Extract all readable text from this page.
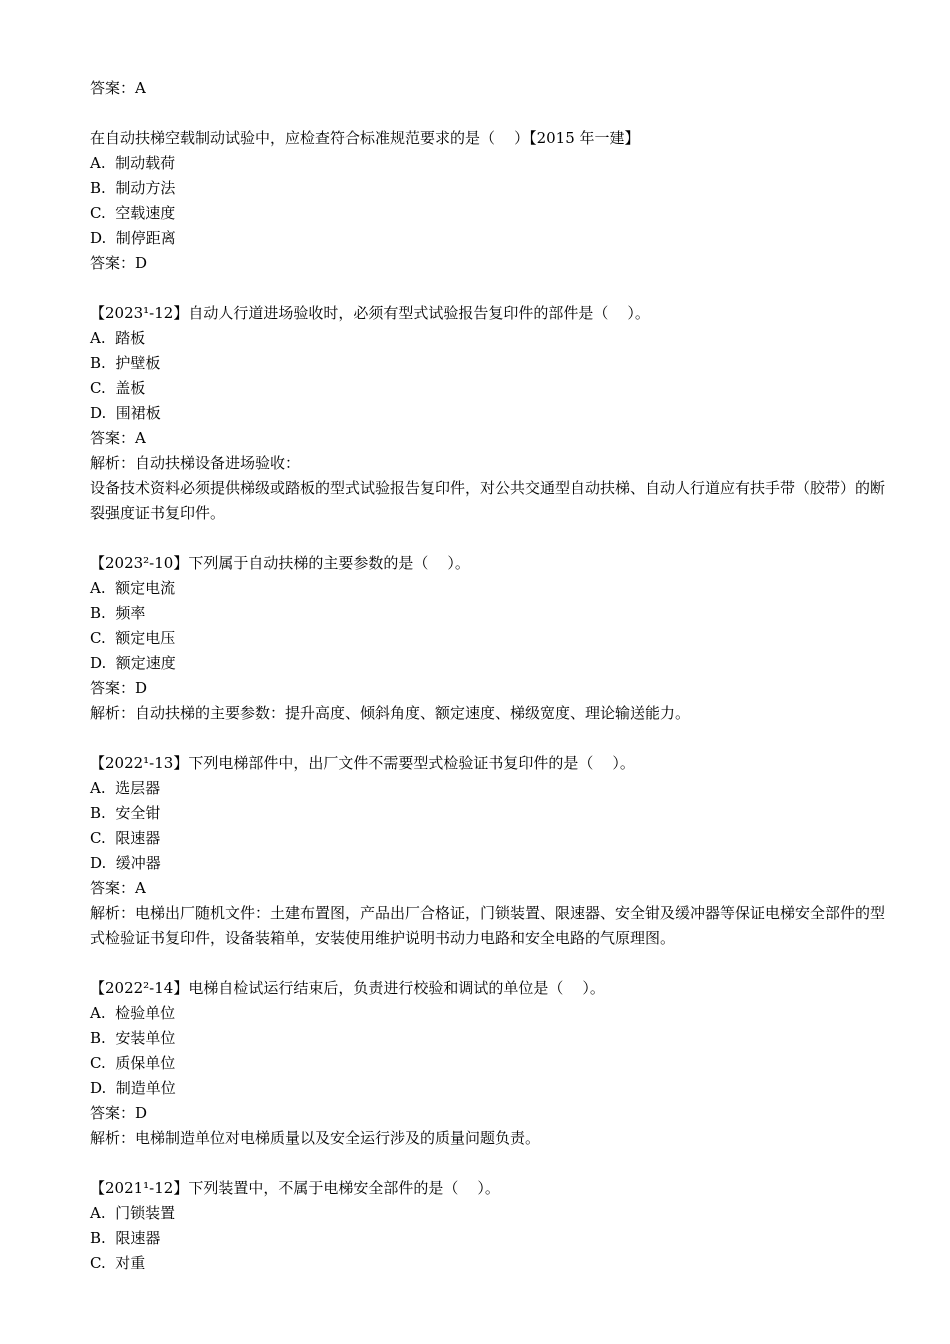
答案：A
在自动扶梯空载制动试验中，应检查符合标准规范要求的是（    ）【2015 年一建】
A.  制动载荷
B.  制动方法
C.  空载速度
D.  制停距离
答案：D
【2023¹-12】自动人行道进场验收时，必须有型式试验报告复印件的部件是（    ）。
A.  踏板
B.  护壁板
C.  盖板
D.  围裙板
答案：A
解析：自动扶梯设备进场验收：
设备技术资料必须提供梯级或踏板的型式试验报告复印件，对公共交通型自动扶梯、自动人行道应有扶手带（胶带）的断裂强度证书复印件。
【2023²-10】下列属于自动扶梯的主要参数的是（    ）。
A.  额定电流
B.  频率
C.  额定电压
D.  额定速度
答案：D
解析：自动扶梯的主要参数：提升高度、倾斜角度、额定速度、梯级宽度、理论输送能力。
【2022¹-13】下列电梯部件中，出厂文件不需要型式检验证书复印件的是（    ）。
A.  选层器
B.  安全钳
C.  限速器
D.  缓冲器
答案：A
解析：电梯出厂随机文件：土建布置图，产品出厂合格证，门锁装置、限速器、安全钳及缓冲器等保证电梯安全部件的型式检验证书复印件，设备装箱单，安装使用维护说明书动力电路和安全电路的气原理图。
【2022²-14】电梯自检试运行结束后，负责进行校验和调试的单位是（    ）。
A.  检验单位
B.  安装单位
C.  质保单位
D.  制造单位
答案：D
解析：电梯制造单位对电梯质量以及安全运行涉及的质量问题负责。
【2021¹-12】下列装置中，不属于电梯安全部件的是（    ）。
A.  门锁装置
B.  限速器
C.  对重
